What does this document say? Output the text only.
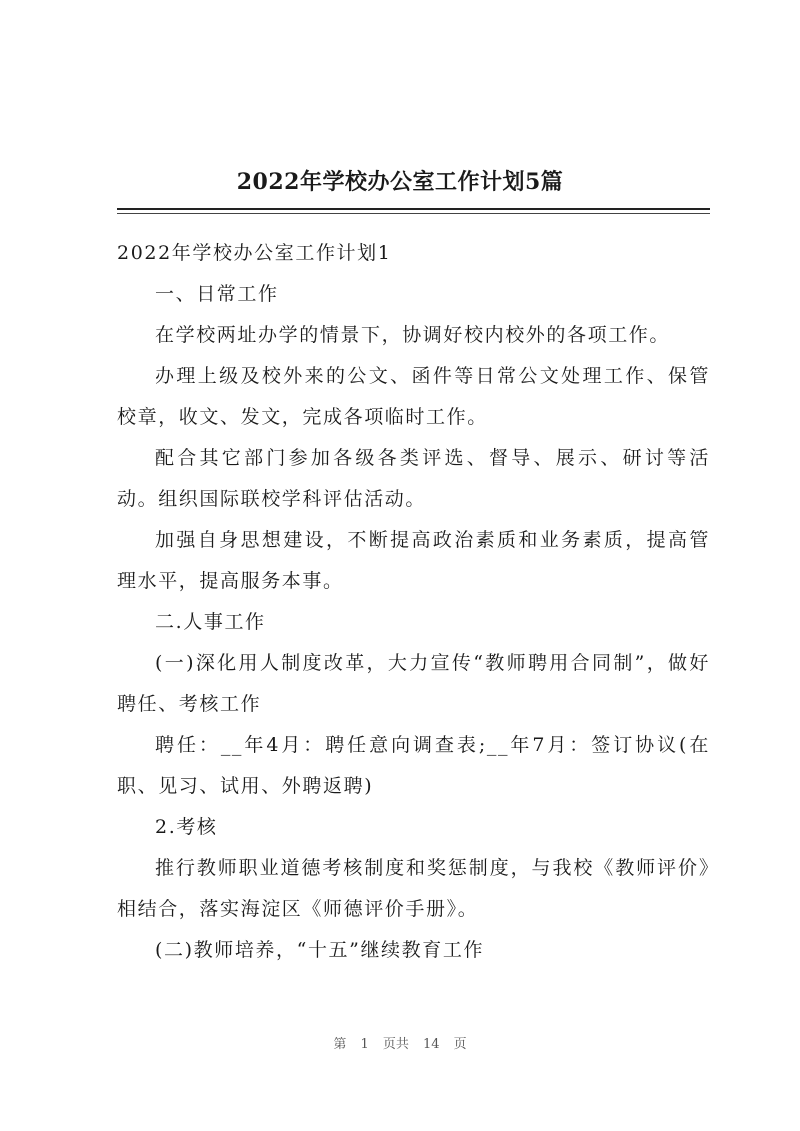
2022年学校办公室工作计划5篇

2022年学校办公室工作计划1

一、日常工作

在学校两址办学的情景下，协调好校内校外的各项工作。

办理上级及校外来的公文、函件等日常公文处理工作、保管校章，收文、发文，完成各项临时工作。

配合其它部门参加各级各类评选、督导、展示、研讨等活动。组织国际联校学科评估活动。

加强自身思想建设，不断提高政治素质和业务素质，提高管理水平，提高服务本事。

二.人事工作

(一)深化用人制度改革，大力宣传“教师聘用合同制”，做好聘任、考核工作

聘任：__年4月：聘任意向调查表;__年7月：签订协议(在职、见习、试用、外聘返聘)

2.考核

推行教师职业道德考核制度和奖惩制度，与我校《教师评价》相结合，落实海淀区《师德评价手册》。

(二)教师培养，“十五”继续教育工作

第 1 页共 14 页
